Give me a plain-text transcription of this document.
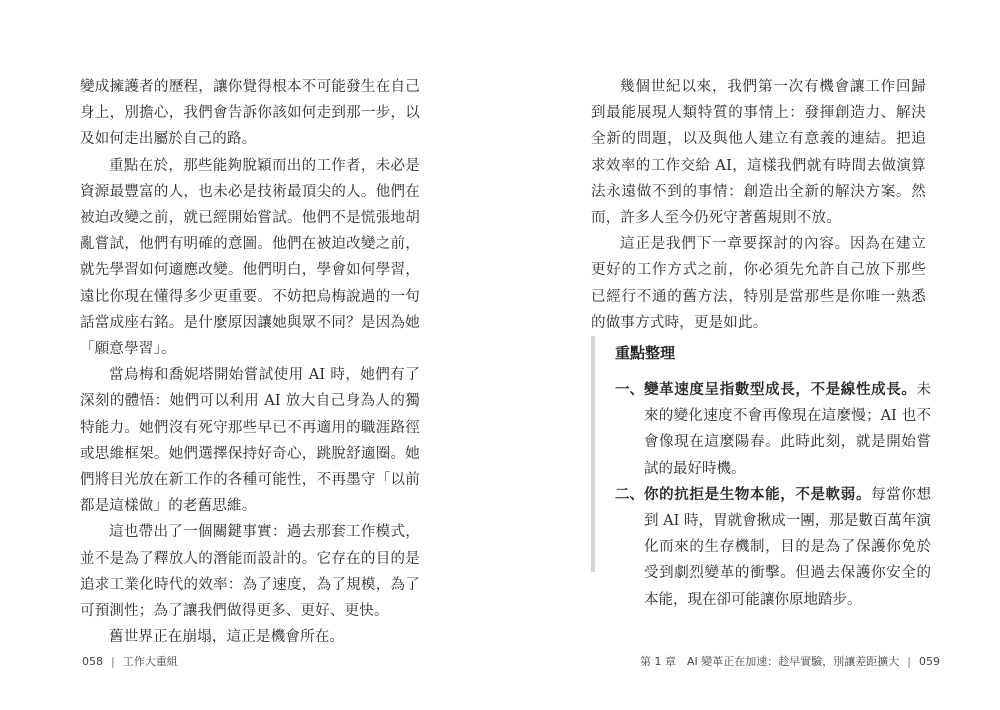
變成擁護者的歷程，讓你覺得根本不可能發生在自己身上，別擔心，我們會告訴你該如何走到那一步，以及如何走出屬於自己的路。

重點在於，那些能夠脫穎而出的工作者，未必是資源最豐富的人，也未必是技術最頂尖的人。他們在被迫改變之前，就已經開始嘗試。他們不是慌張地胡亂嘗試，他們有明確的意圖。他們在被迫改變之前，就先學習如何適應改變。他們明白，學會如何學習，遠比你現在懂得多少更重要。不妨把烏梅說過的一句話當成座右銘。是什麼原因讓她與眾不同？是因為她「願意學習」。

當烏梅和喬妮塔開始嘗試使用 AI 時，她們有了深刻的體悟：她們可以利用 AI 放大自己身為人的獨特能力。她們沒有死守那些早已不再適用的職涯路徑或思維框架。她們選擇保持好奇心，跳脫舒適圈。她們將目光放在新工作的各種可能性，不再墨守「以前都是這樣做」的老舊思維。

這也帶出了一個關鍵事實：過去那套工作模式，並不是為了釋放人的潛能而設計的。它存在的目的是追求工業化時代的效率：為了速度，為了規模，為了可預測性；為了讓我們做得更多、更好、更快。

舊世界正在崩塌，這正是機會所在。

058 | 工作大重組

幾個世紀以來，我們第一次有機會讓工作回歸到最能展現人類特質的事情上：發揮創造力、解決全新的問題，以及與他人建立有意義的連結。把追求效率的工作交給 AI，這樣我們就有時間去做演算法永遠做不到的事情：創造出全新的解決方案。然而，許多人至今仍死守著舊規則不放。

這正是我們下一章要探討的內容。因為在建立更好的工作方式之前，你必須先允許自己放下那些已經行不通的舊方法，特別是當那些是你唯一熟悉的做事方式時，更是如此。

重點整理
一、 變革速度呈指數型成長，不是線性成長。未來的變化速度不會再像現在這麼慢；AI 也不會像現在這麼陽春。此時此刻，就是開始嘗試的最好時機。
二、 你的抗拒是生物本能，不是軟弱。每當你想到 AI 時，胃就會揪成一團，那是數百萬年演化而來的生存機制，目的是為了保護你免於受到劇烈變革的衝擊。但過去保護你安全的本能，現在卻可能讓你原地踏步。
第 1 章　AI 變革正在加速：趁早實驗，別讓差距擴大 | 059
